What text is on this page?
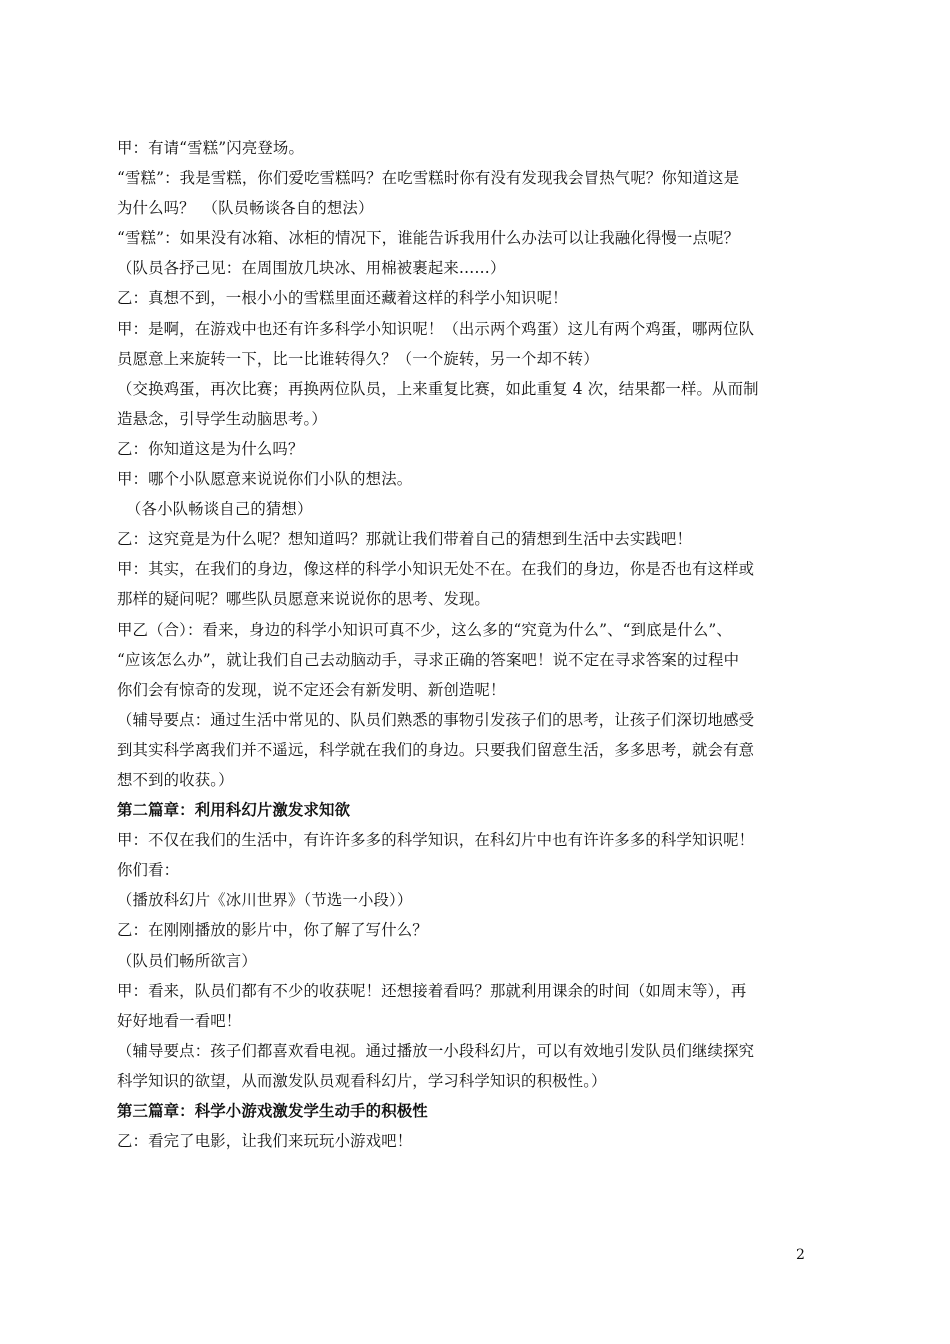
甲：有请“雪糕”闪亮登场。
“雪糕”：我是雪糕，你们爱吃雪糕吗？在吃雪糕时你有没有发现我会冒热气呢？你知道这是
为什么吗？　（队员畅谈各自的想法）
“雪糕”：如果没有冰箱、冰柜的情况下，谁能告诉我用什么办法可以让我融化得慢一点呢？
（队员各抒己见：在周围放几块冰、用棉被裹起来……）
乙：真想不到，一根小小的雪糕里面还藏着这样的科学小知识呢！
甲：是啊，在游戏中也还有许多科学小知识呢！（出示两个鸡蛋）这儿有两个鸡蛋，哪两位队
员愿意上来旋转一下，比一比谁转得久？（一个旋转，另一个却不转）
（交换鸡蛋，再次比赛；再换两位队员，上来重复比赛，如此重复 4 次，结果都一样。从而制
造悬念，引导学生动脑思考。）
乙：你知道这是为什么吗？
甲：哪个小队愿意来说说你们小队的想法。
（各小队畅谈自己的猜想）
乙：这究竟是为什么呢？想知道吗？那就让我们带着自己的猜想到生活中去实践吧！
甲：其实，在我们的身边，像这样的科学小知识无处不在。在我们的身边，你是否也有这样或
那样的疑问呢？哪些队员愿意来说说你的思考、发现。
甲乙（合）：看来，身边的科学小知识可真不少，这么多的“究竟为什么”、“到底是什么”、
“应该怎么办”，就让我们自己去动脑动手，寻求正确的答案吧！说不定在寻求答案的过程中
你们会有惊奇的发现，说不定还会有新发明、新创造呢！
（辅导要点：通过生活中常见的、队员们熟悉的事物引发孩子们的思考，让孩子们深切地感受
到其实科学离我们并不遥远，科学就在我们的身边。只要我们留意生活，多多思考，就会有意
想不到的收获。）
第二篇章：利用科幻片激发求知欲
甲：不仅在我们的生活中，有许许多多的科学知识，在科幻片中也有许许多多的科学知识呢！
你们看：
（播放科幻片《冰川世界》（节选一小段））
乙：在刚刚播放的影片中，你了解了写什么？
（队员们畅所欲言）
甲：看来，队员们都有不少的收获呢！还想接着看吗？那就利用课余的时间（如周末等），再
好好地看一看吧！
（辅导要点：孩子们都喜欢看电视。通过播放一小段科幻片，可以有效地引发队员们继续探究
科学知识的欲望，从而激发队员观看科幻片，学习科学知识的积极性。）
第三篇章：科学小游戏激发学生动手的积极性
乙：看完了电影，让我们来玩玩小游戏吧！
2
